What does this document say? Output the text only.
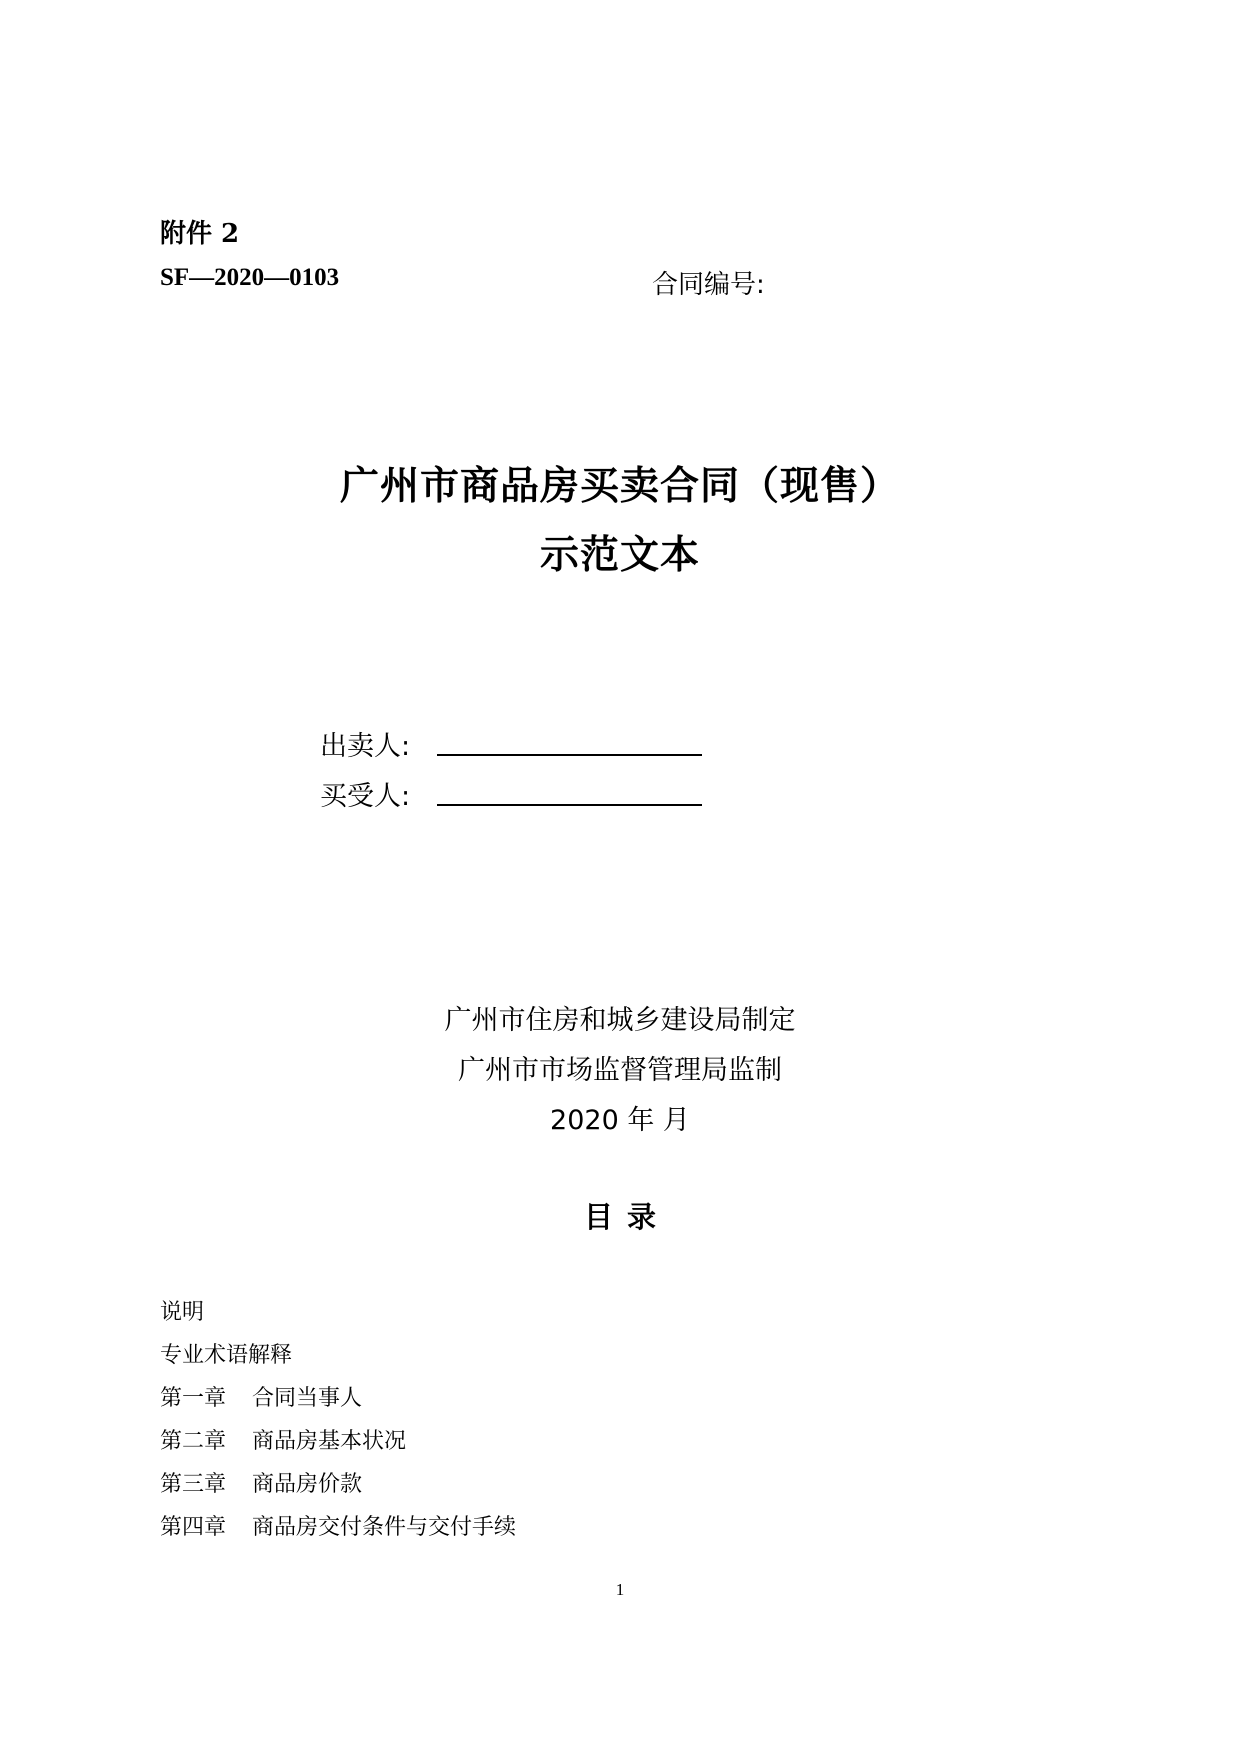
附件 2
SF—2020—0103	合同编号:
广州市商品房买卖合同（现售）
示范文本
出卖人:
买受人:
广州市住房和城乡建设局制定
广州市市场监督管理局监制
2020 年 月
目录
说明
专业术语解释
第一章 合同当事人
第二章 商品房基本状况
第三章 商品房价款
第四章 商品房交付条件与交付手续
1
